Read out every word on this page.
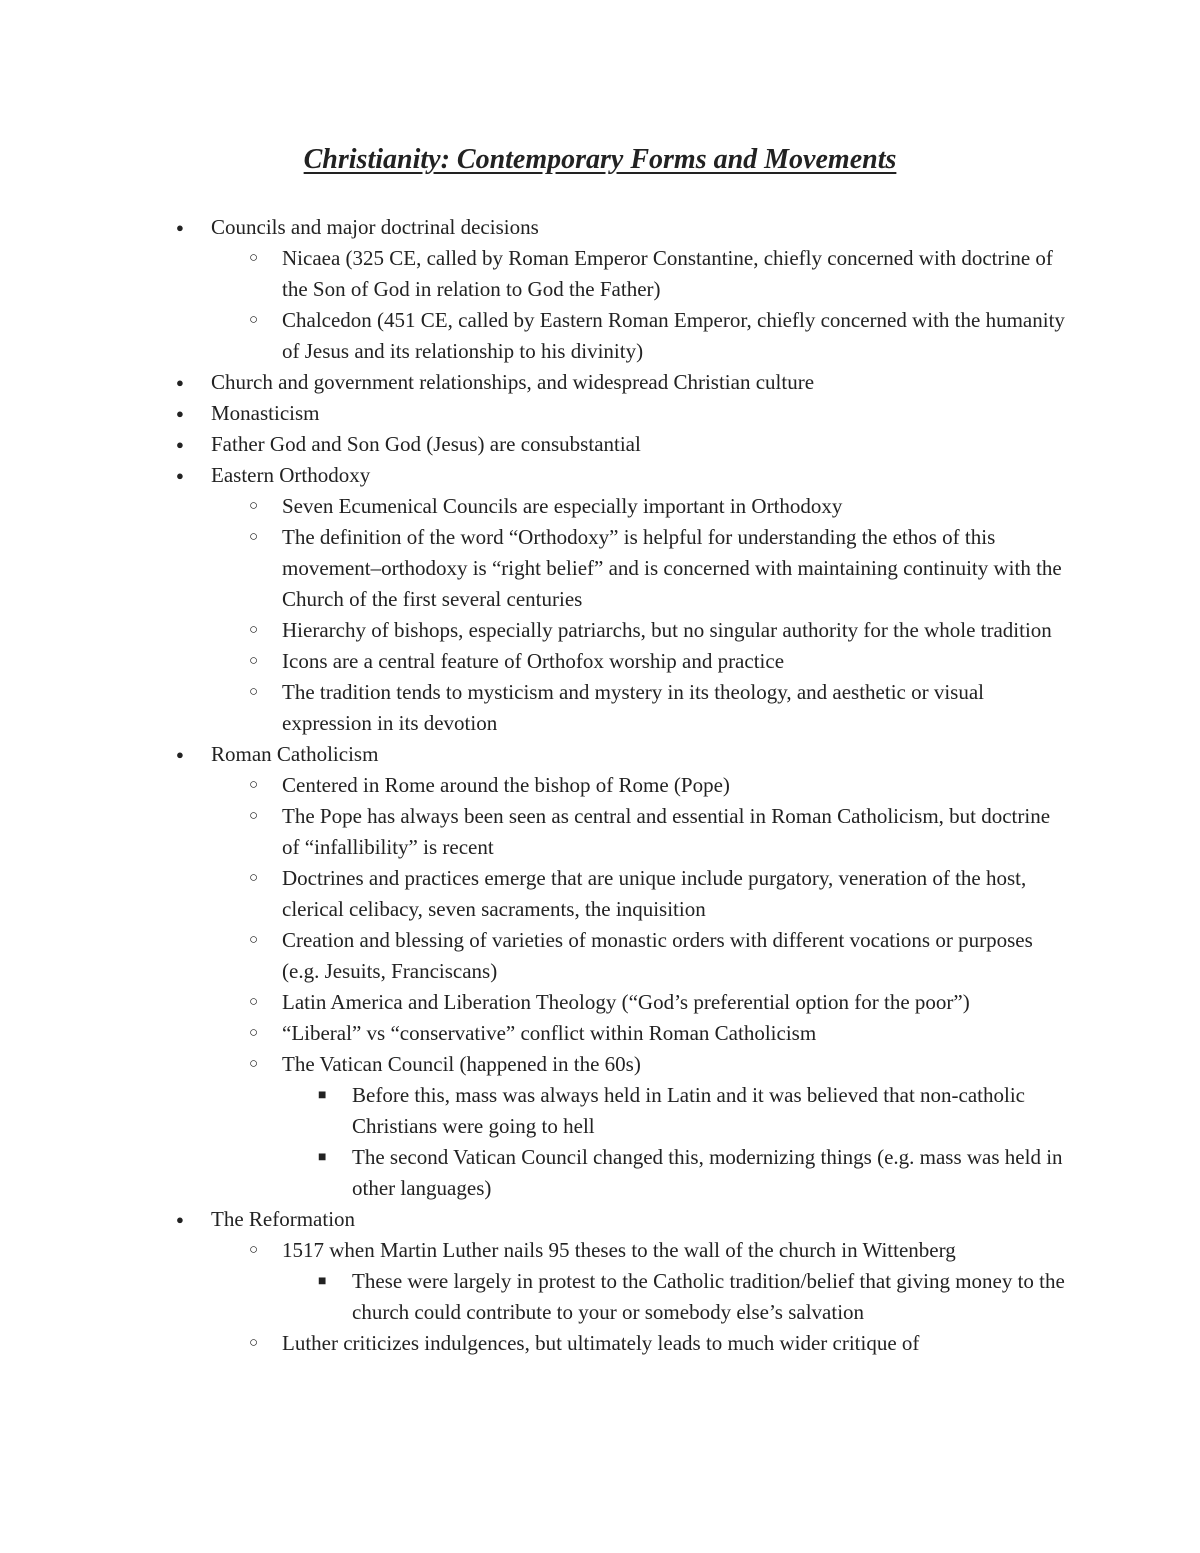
Christianity: Contemporary Forms and Movements
● Councils and major doctrinal decisions
○ Nicaea (325 CE, called by Roman Emperor Constantine, chiefly concerned with doctrine of the Son of God in relation to God the Father)
○ Chalcedon (451 CE, called by Eastern Roman Emperor, chiefly concerned with the humanity of Jesus and its relationship to his divinity)
● Church and government relationships, and widespread Christian culture
● Monasticism
● Father God and Son God (Jesus) are consubstantial
● Eastern Orthodoxy
○ Seven Ecumenical Councils are especially important in Orthodoxy
○ The definition of the word “Orthodoxy” is helpful for understanding the ethos of this movement–orthodoxy is “right belief” and is concerned with maintaining continuity with the Church of the first several centuries
○ Hierarchy of bishops, especially patriarchs, but no singular authority for the whole tradition
○ Icons are a central feature of Orthofox worship and practice
○ The tradition tends to mysticism and mystery in its theology, and aesthetic or visual expression in its devotion
● Roman Catholicism
○ Centered in Rome around the bishop of Rome (Pope)
○ The Pope has always been seen as central and essential in Roman Catholicism, but doctrine of “infallibility” is recent
○ Doctrines and practices emerge that are unique include purgatory, veneration of the host, clerical celibacy, seven sacraments, the inquisition
○ Creation and blessing of varieties of monastic orders with different vocations or purposes (e.g. Jesuits, Franciscans)
○ Latin America and Liberation Theology (“God’s preferential option for the poor”)
○ “Liberal” vs “conservative” conflict within Roman Catholicism
○ The Vatican Council (happened in the 60s)
■ Before this, mass was always held in Latin and it was believed that non-catholic Christians were going to hell
■ The second Vatican Council changed this, modernizing things (e.g. mass was held in other languages)
● The Reformation
○ 1517 when Martin Luther nails 95 theses to the wall of the church in Wittenberg
■ These were largely in protest to the Catholic tradition/belief that giving money to the church could contribute to your or somebody else’s salvation
○ Luther criticizes indulgences, but ultimately leads to much wider critique of
